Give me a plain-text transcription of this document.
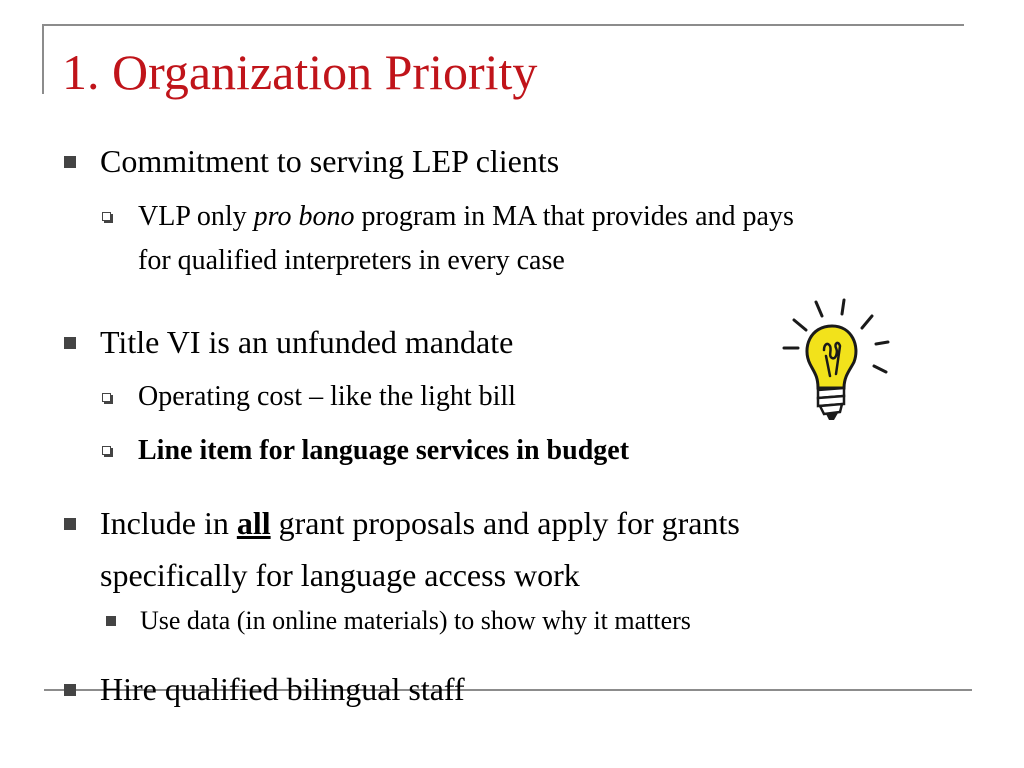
1. Organization Priority
Commitment to serving LEP clients
VLP only pro bono program in MA that provides and pays
for qualified interpreters in every case
Title VI is an unfunded mandate
Operating cost – like the light bill
Line item for language services in budget
Include in all grant proposals and apply for grants
specifically for language access work
Use data (in online materials) to show why it matters
Hire qualified bilingual staff
